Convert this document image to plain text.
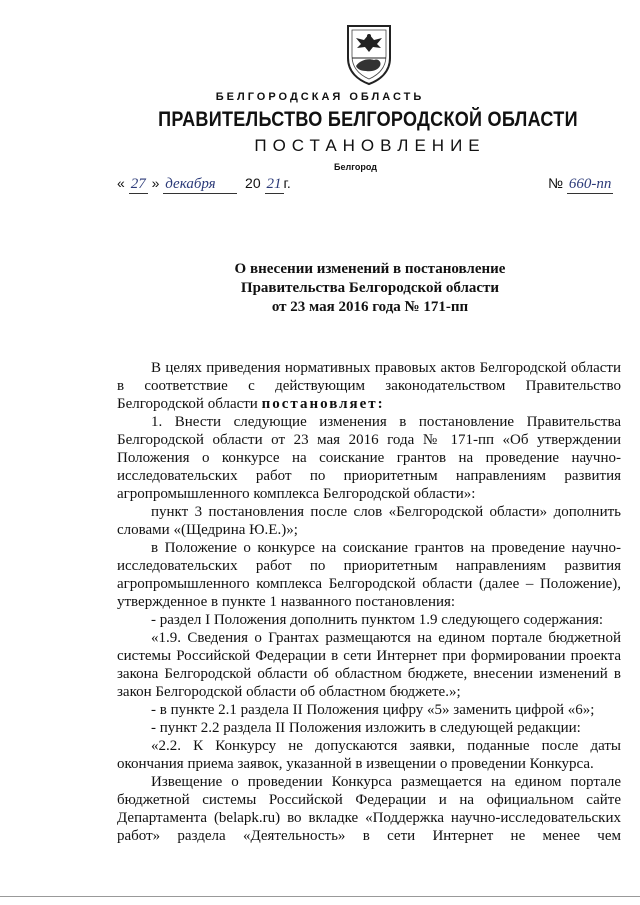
БЕЛГОРОДСКАЯ ОБЛАСТЬ
ПРАВИТЕЛЬСТВО БЕЛГОРОДСКОЙ ОБЛАСТИ
ПОСТАНОВЛЕНИЕ
Белгород
« 27 » декабря 20 21 г.	№ 660-пп
О внесении изменений в постановление
Правительства Белгородской области
от 23 мая 2016 года № 171-пп

В целях приведения нормативных правовых актов Белгородской области в соответствие с действующим законодательством Правительство Белгородской области постановляет:

1. Внести следующие изменения в постановление Правительства Белгородской области от 23 мая 2016 года № 171-пп «Об утверждении Положения о конкурсе на соискание грантов на проведение научно-исследовательских работ по приоритетным направлениям развития агропромышленного комплекса Белгородской области»:

пункт 3 постановления после слов «Белгородской области» дополнить словами «(Щедрина Ю.Е.)»;

в Положение о конкурсе на соискание грантов на проведение научно-исследовательских работ по приоритетным направлениям развития агропромышленного комплекса Белгородской области (далее – Положение), утвержденное в пункте 1 названного постановления:

- раздел I Положения дополнить пунктом 1.9 следующего содержания:

«1.9. Сведения о Грантах размещаются на едином портале бюджетной системы Российской Федерации в сети Интернет при формировании проекта закона Белгородской области об областном бюджете, внесении изменений в закон Белгородской области об областном бюджете.»;

- в пункте 2.1 раздела II Положения цифру «5» заменить цифрой «6»;

- пункт 2.2 раздела II Положения изложить в следующей редакции:

«2.2. К Конкурсу не допускаются заявки, поданные после даты окончания приема заявок, указанной в извещении о проведении Конкурса.

Извещение о проведении Конкурса размещается на едином портале бюджетной системы Российской Федерации и на официальном сайте Департамента (belapk.ru) во вкладке «Поддержка научно-исследовательских работ» раздела «Деятельность» в сети Интернет не менее чем
